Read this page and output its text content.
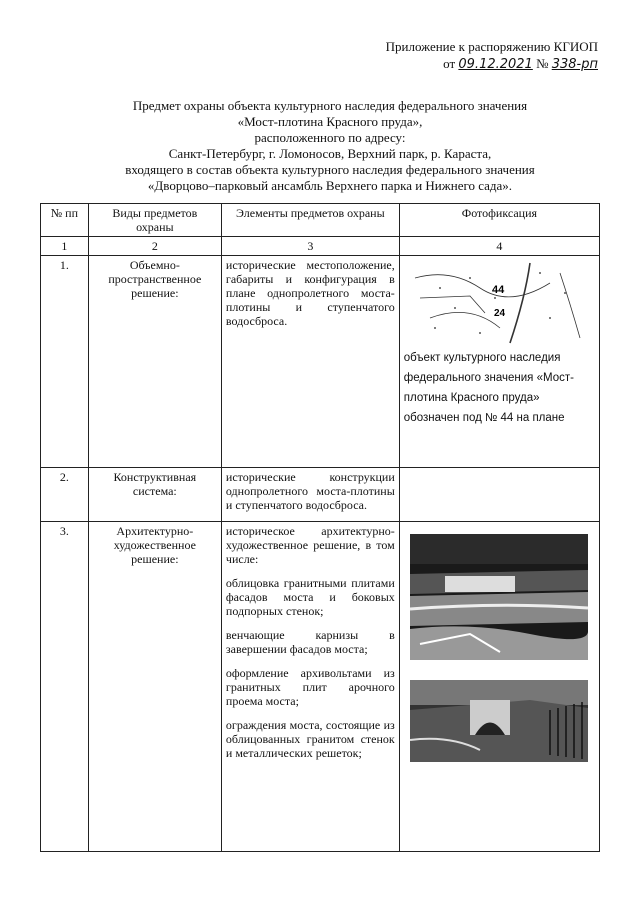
Приложение к распоряжению КГИОП
от 09.12.2021 № 338-рп
Предмет охраны объекта культурного наследия федерального значения
«Мост-плотина Красного пруда»,
расположенного по адресу:
Санкт-Петербург, г. Ломоносов, Верхний парк, р. Караста,
входящего в состав объекта культурного наследия федерального значения
«Дворцово–парковый ансамбль Верхнего парка и Нижнего сада».
№ пп	Виды предметов охраны	Элементы предметов охраны	Фотофиксация
1	2	3	4
1.	Объемно-пространственное решение:	исторические местоположение, габариты и конфигурация в плане однопролетного моста-плотины и ступенчатого водосброса.	44
24
объект культурного наследия федерального значения «Мост-плотина Красного пруда» обозначен под № 44 на плане

2.	Конструктивная система:	исторические конструкции однопролетного моста-плотины и ступенчатого водосброса.	
3.	Архитектурно-художественное решение:	историческое архитектурно-художественное решение, в том числе:
облицовка гранитными плитами фасадов моста и боковых подпорных стенок;
венчающие карнизы в завершении фасадов моста;
оформление архивольтами из гранитных плит арочного проема моста;
ограждения моста, состоящие из облицованных гранитом стенок и металлических решеток;
